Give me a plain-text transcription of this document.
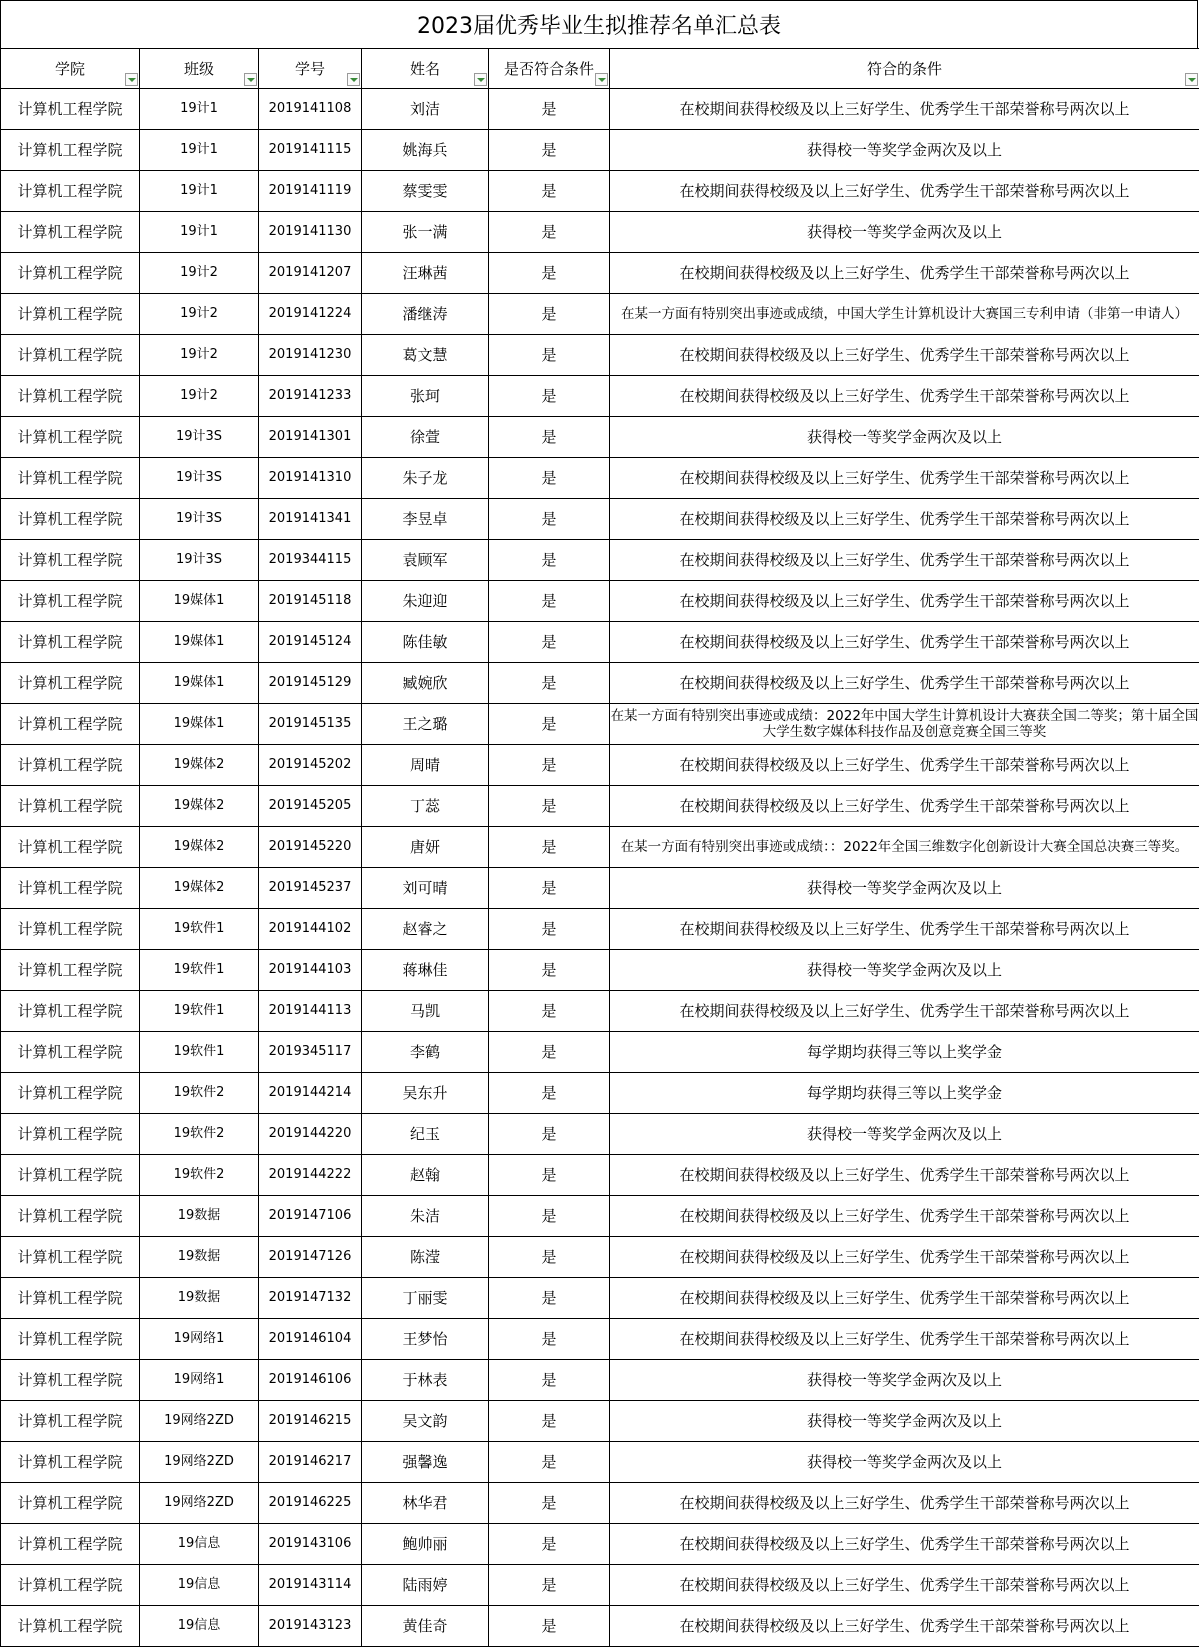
2023届优秀毕业生拟推荐名单汇总表
学院	班级	学号	姓名	是否符合条件	符合的条件

计算机工程学院	19计1	2019141108	刘洁	是	在校期间获得校级及以上三好学生、优秀学生干部荣誉称号两次以上
计算机工程学院	19计1	2019141115	姚海兵	是	获得校一等奖学金两次及以上
计算机工程学院	19计1	2019141119	蔡雯雯	是	在校期间获得校级及以上三好学生、优秀学生干部荣誉称号两次以上
计算机工程学院	19计1	2019141130	张一满	是	获得校一等奖学金两次及以上
计算机工程学院	19计2	2019141207	汪琳茜	是	在校期间获得校级及以上三好学生、优秀学生干部荣誉称号两次以上
计算机工程学院	19计2	2019141224	潘继涛	是	在某一方面有特别突出事迹或成绩，中国大学生计算机设计大赛国三专利申请（非第一申请人）
计算机工程学院	19计2	2019141230	葛文慧	是	在校期间获得校级及以上三好学生、优秀学生干部荣誉称号两次以上
计算机工程学院	19计2	2019141233	张珂	是	在校期间获得校级及以上三好学生、优秀学生干部荣誉称号两次以上
计算机工程学院	19计3S	2019141301	徐萱	是	获得校一等奖学金两次及以上
计算机工程学院	19计3S	2019141310	朱子龙	是	在校期间获得校级及以上三好学生、优秀学生干部荣誉称号两次以上
计算机工程学院	19计3S	2019141341	李昱卓	是	在校期间获得校级及以上三好学生、优秀学生干部荣誉称号两次以上
计算机工程学院	19计3S	2019344115	袁顾军	是	在校期间获得校级及以上三好学生、优秀学生干部荣誉称号两次以上
计算机工程学院	19媒体1	2019145118	朱迎迎	是	在校期间获得校级及以上三好学生、优秀学生干部荣誉称号两次以上
计算机工程学院	19媒体1	2019145124	陈佳敏	是	在校期间获得校级及以上三好学生、优秀学生干部荣誉称号两次以上
计算机工程学院	19媒体1	2019145129	臧婉欣	是	在校期间获得校级及以上三好学生、优秀学生干部荣誉称号两次以上
计算机工程学院	19媒体1	2019145135	王之璐	是	在某一方面有特别突出事迹或成绩：2022年中国大学生计算机设计大赛获全国二等奖；第十届全国大学生数字媒体科技作品及创意竞赛全国三等奖
计算机工程学院	19媒体2	2019145202	周晴	是	在校期间获得校级及以上三好学生、优秀学生干部荣誉称号两次以上
计算机工程学院	19媒体2	2019145205	丁蕊	是	在校期间获得校级及以上三好学生、优秀学生干部荣誉称号两次以上
计算机工程学院	19媒体2	2019145220	唐妍	是	在某一方面有特别突出事迹或成绩：：2022年全国三维数字化创新设计大赛全国总决赛三等奖。
计算机工程学院	19媒体2	2019145237	刘可晴	是	获得校一等奖学金两次及以上
计算机工程学院	19软件1	2019144102	赵睿之	是	在校期间获得校级及以上三好学生、优秀学生干部荣誉称号两次以上
计算机工程学院	19软件1	2019144103	蒋琳佳	是	获得校一等奖学金两次及以上
计算机工程学院	19软件1	2019144113	马凯	是	在校期间获得校级及以上三好学生、优秀学生干部荣誉称号两次以上
计算机工程学院	19软件1	2019345117	李鹤	是	每学期均获得三等以上奖学金
计算机工程学院	19软件2	2019144214	吴东升	是	每学期均获得三等以上奖学金
计算机工程学院	19软件2	2019144220	纪玉	是	获得校一等奖学金两次及以上
计算机工程学院	19软件2	2019144222	赵翰	是	在校期间获得校级及以上三好学生、优秀学生干部荣誉称号两次以上
计算机工程学院	19数据	2019147106	朱洁	是	在校期间获得校级及以上三好学生、优秀学生干部荣誉称号两次以上
计算机工程学院	19数据	2019147126	陈滢	是	在校期间获得校级及以上三好学生、优秀学生干部荣誉称号两次以上
计算机工程学院	19数据	2019147132	丁丽雯	是	在校期间获得校级及以上三好学生、优秀学生干部荣誉称号两次以上
计算机工程学院	19网络1	2019146104	王梦怡	是	在校期间获得校级及以上三好学生、优秀学生干部荣誉称号两次以上
计算机工程学院	19网络1	2019146106	于林表	是	获得校一等奖学金两次及以上
计算机工程学院	19网络2ZD	2019146215	吴文韵	是	获得校一等奖学金两次及以上
计算机工程学院	19网络2ZD	2019146217	强馨逸	是	获得校一等奖学金两次及以上
计算机工程学院	19网络2ZD	2019146225	林华君	是	在校期间获得校级及以上三好学生、优秀学生干部荣誉称号两次以上
计算机工程学院	19信息	2019143106	鲍帅丽	是	在校期间获得校级及以上三好学生、优秀学生干部荣誉称号两次以上
计算机工程学院	19信息	2019143114	陆雨婷	是	在校期间获得校级及以上三好学生、优秀学生干部荣誉称号两次以上
计算机工程学院	19信息	2019143123	黄佳奇	是	在校期间获得校级及以上三好学生、优秀学生干部荣誉称号两次以上
